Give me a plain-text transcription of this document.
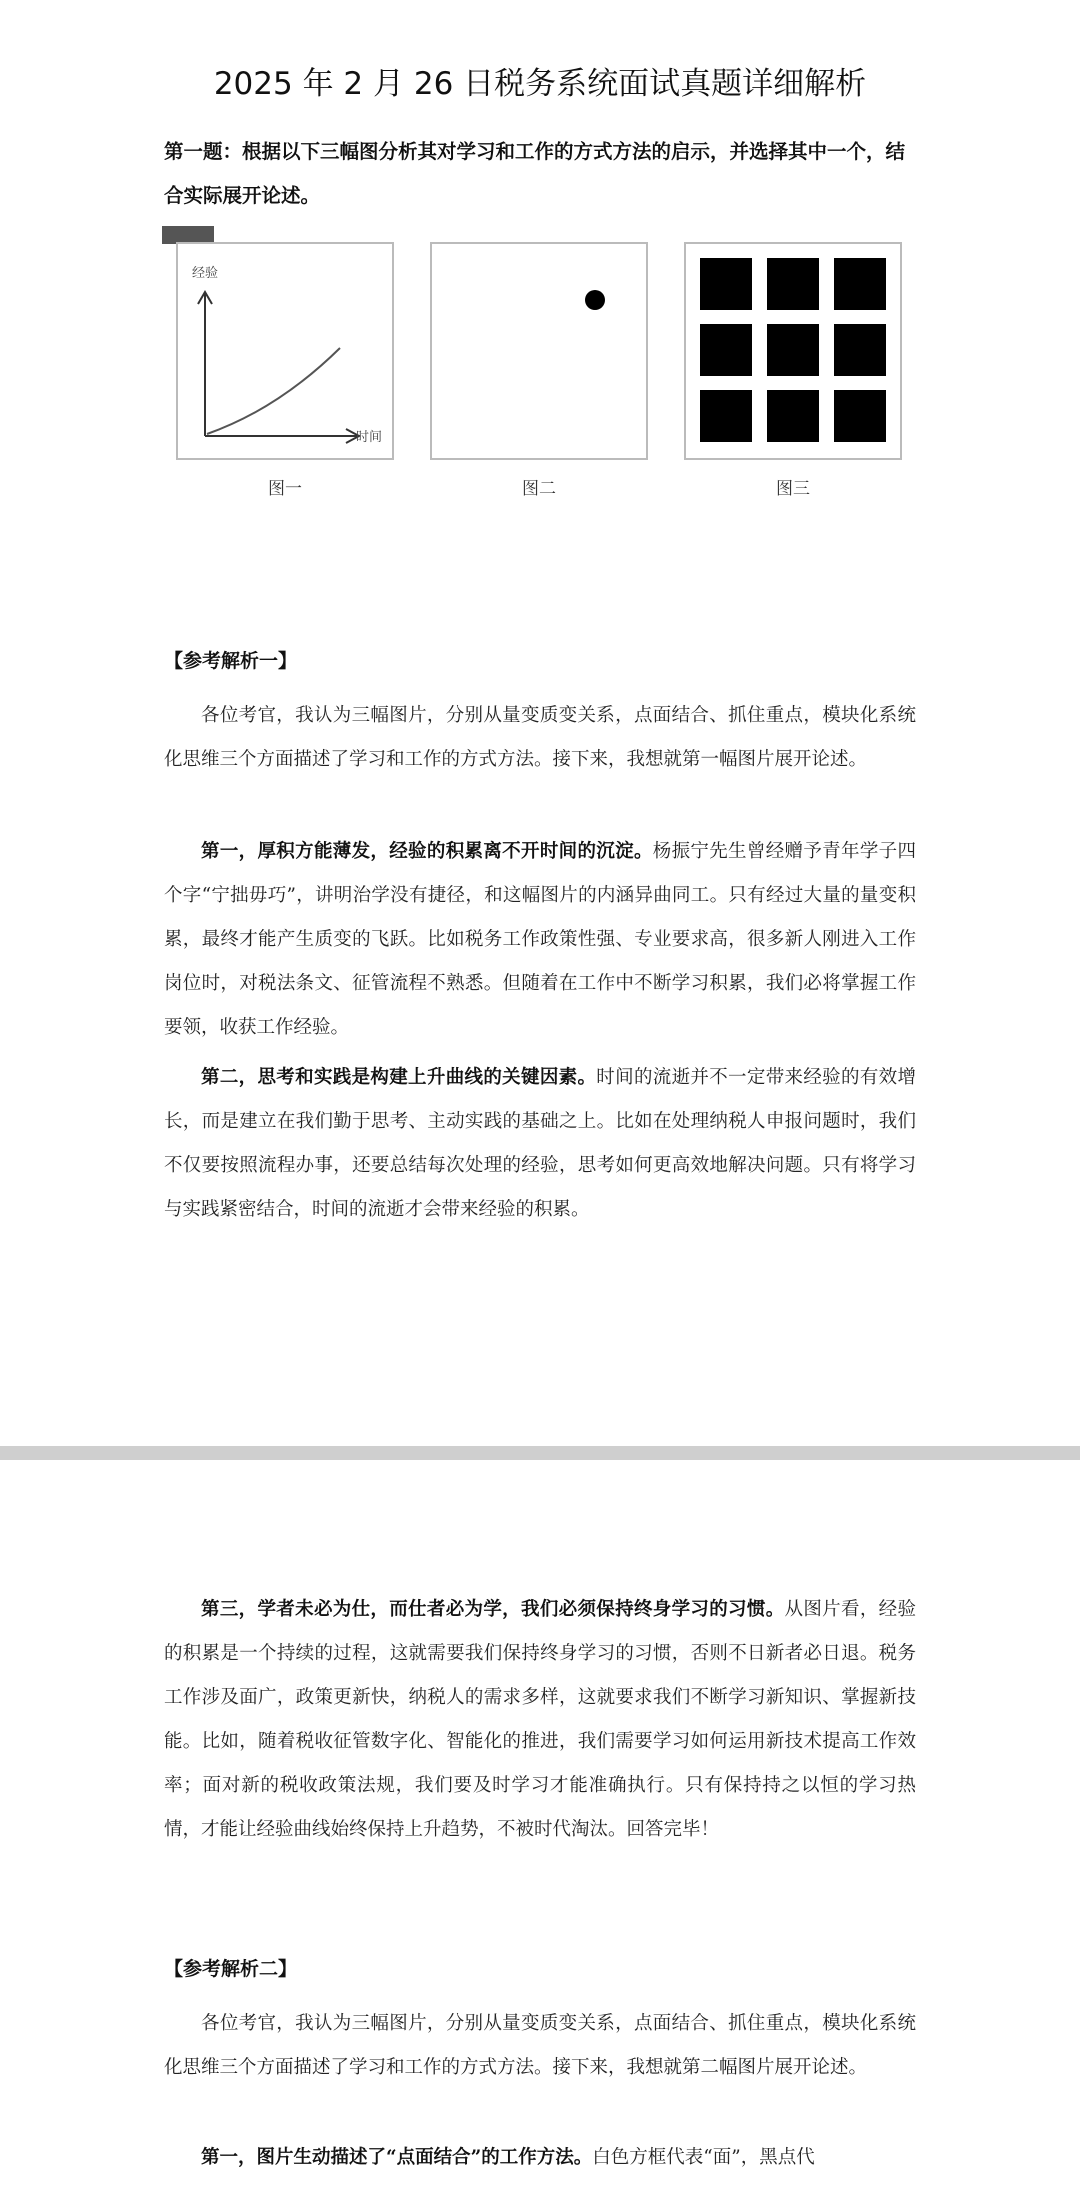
2025 年 2 月 26 日税务系统面试真题详细解析
第一题：根据以下三幅图分析其对学习和工作的方式方法的启示，并选择其中一个，结合实际展开论述。
经验
时间
图一	图二	图三
【参考解析一】

各位考官，我认为三幅图片，分别从量变质变关系，点面结合、抓住重点，模块化系统化思维三个方面描述了学习和工作的方式方法。接下来，我想就第一幅图片展开论述。

第一，厚积方能薄发，经验的积累离不开时间的沉淀。杨振宁先生曾经赠予青年学子四个字“宁拙毋巧”，讲明治学没有捷径，和这幅图片的内涵异曲同工。只有经过大量的量变积累，最终才能产生质变的飞跃。比如税务工作政策性强、专业要求高，很多新人刚进入工作岗位时，对税法条文、征管流程不熟悉。但随着在工作中不断学习积累，我们必将掌握工作要领，收获工作经验。

第二，思考和实践是构建上升曲线的关键因素。时间的流逝并不一定带来经验的有效增长，而是建立在我们勤于思考、主动实践的基础之上。比如在处理纳税人申报问题时，我们不仅要按照流程办事，还要总结每次处理的经验，思考如何更高效地解决问题。只有将学习与实践紧密结合，时间的流逝才会带来经验的积累。

第三，学者未必为仕，而仕者必为学，我们必须保持终身学习的习惯。从图片看，经验的积累是一个持续的过程，这就需要我们保持终身学习的习惯，否则不日新者必日退。税务工作涉及面广，政策更新快，纳税人的需求多样，这就要求我们不断学习新知识、掌握新技能。比如，随着税收征管数字化、智能化的推进，我们需要学习如何运用新技术提高工作效率；面对新的税收政策法规，我们要及时学习才能准确执行。只有保持持之以恒的学习热情，才能让经验曲线始终保持上升趋势，不被时代淘汰。回答完毕！

【参考解析二】

各位考官，我认为三幅图片，分别从量变质变关系，点面结合、抓住重点，模块化系统化思维三个方面描述了学习和工作的方式方法。接下来，我想就第二幅图片展开论述。

第一，图片生动描述了“点面结合”的工作方法。白色方框代表“面”，黑点代
